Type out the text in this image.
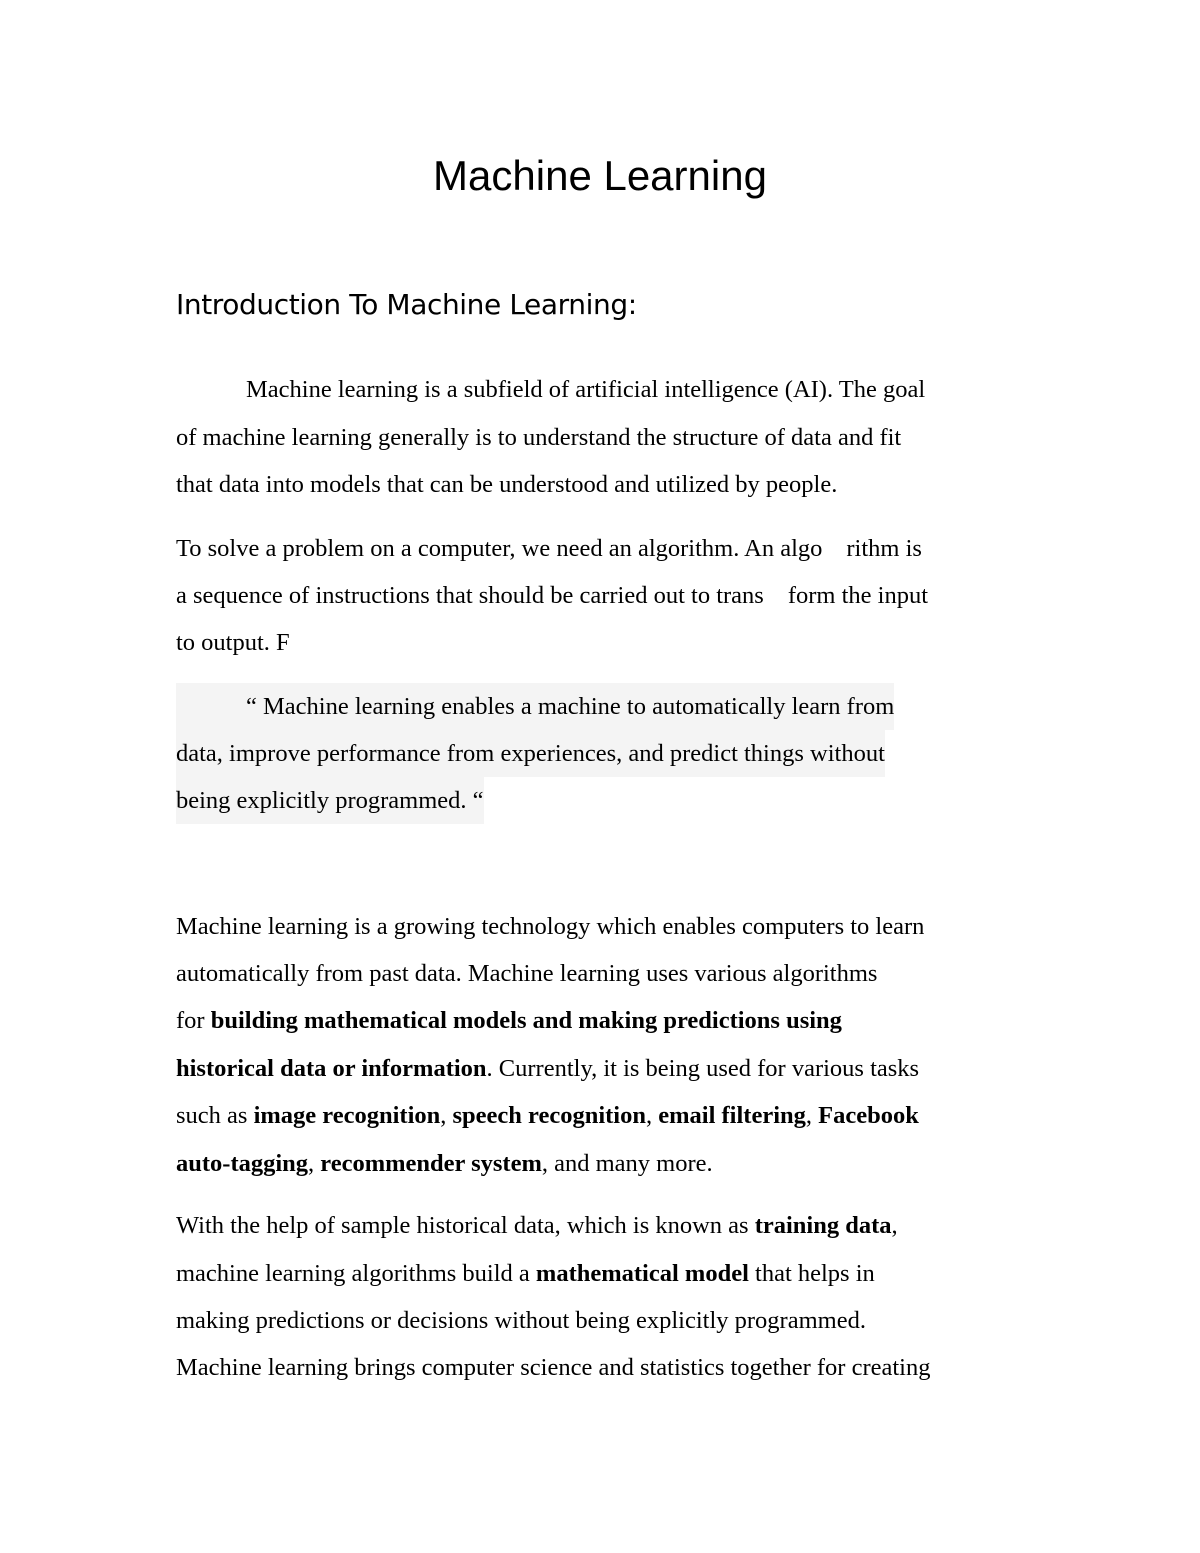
Machine Learning
Introduction To Machine Learning:
Machine learning is a subfield of artificial intelligence (AI). The goal
of machine learning generally is to understand the structure of data and fit
that data into models that can be understood and utilized by people.
To solve a problem on a computer, we need an algorithm. An algo rithm is
a sequence of instructions that should be carried out to trans form the input
to output. F
“ Machine learning enables a machine to automatically learn from
data, improve performance from experiences, and predict things without
being explicitly programmed. “
Machine learning is a growing technology which enables computers to learn
automatically from past data. Machine learning uses various algorithms
for building mathematical models and making predictions using
historical data or information. Currently, it is being used for various tasks
such as image recognition, speech recognition, email filtering, Facebook
auto-tagging, recommender system, and many more.
With the help of sample historical data, which is known as training data,
machine learning algorithms build a mathematical model that helps in
making predictions or decisions without being explicitly programmed.
Machine learning brings computer science and statistics together for creating
